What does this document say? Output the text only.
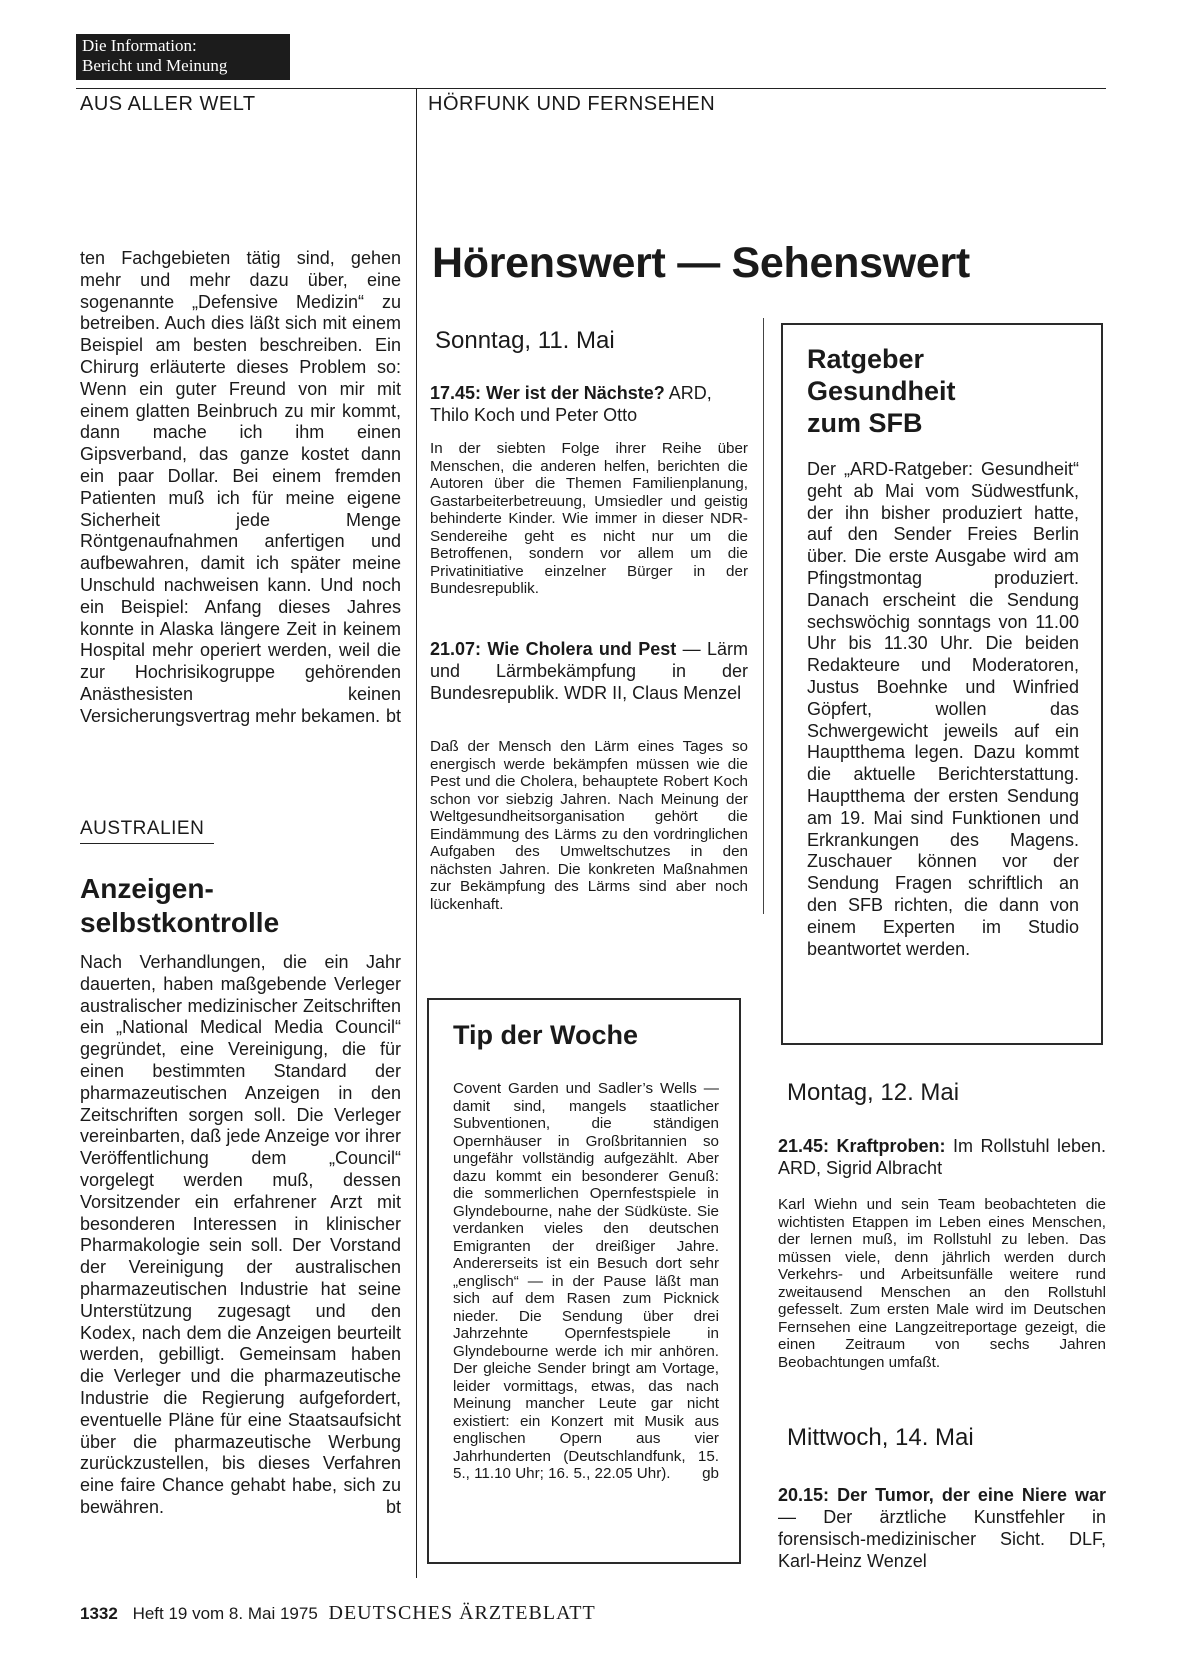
Die Information:
Bericht und Meinung
AUS ALLER WELT	HÖRFUNK UND FERNSEHEN
ten Fachgebieten tätig sind, gehen mehr und mehr dazu über, eine sogenannte „Defensive Medizin“ zu betreiben. Auch dies läßt sich mit einem Beispiel am besten beschreiben. Ein Chirurg erläuterte dieses Problem so: Wenn ein guter Freund von mir mit einem glatten Beinbruch zu mir kommt, dann mache ich ihm einen Gipsverband, das ganze kostet dann ein paar Dollar. Bei einem fremden Patienten muß ich für meine eigene Sicherheit jede Menge Röntgenaufnahmen anfertigen und aufbewahren, damit ich später meine Unschuld nachweisen kann. Und noch ein Beispiel: Anfang dieses Jahres konnte in Alaska längere Zeit in keinem Hospital mehr operiert werden, weil die zur Hochrisikogruppe gehörenden Anästhesisten keinen Versicherungsvertrag mehr bekamen. bt
AUSTRALIEN
Anzeigen-
selbstkontrolle
Nach Verhandlungen, die ein Jahr dauerten, haben maßgebende Verleger australischer medizinischer Zeitschriften ein „National Medical Media Council“ gegründet, eine Vereinigung, die für einen bestimmten Standard der pharmazeutischen Anzeigen in den Zeitschriften sorgen soll. Die Verleger vereinbarten, daß jede Anzeige vor ihrer Veröffentlichung dem „Council“ vorgelegt werden muß, dessen Vorsitzender ein erfahrener Arzt mit besonderen Interessen in klinischer Pharmakologie sein soll. Der Vorstand der Vereinigung der australischen pharmazeutischen Industrie hat seine Unterstützung zugesagt und den Kodex, nach dem die Anzeigen beurteilt werden, gebilligt. Gemeinsam haben die Verleger und die pharmazeutische Industrie die Regierung aufgefordert, eventuelle Pläne für eine Staatsaufsicht über die pharmazeutische Werbung zurückzustellen, bis dieses Verfahren eine faire Chance gehabt habe, sich zu bewähren.	bt
Hörenswert — Sehenswert
Sonntag, 11. Mai
17.45: Wer ist der Nächste? ARD, Thilo Koch und Peter Otto
In der siebten Folge ihrer Reihe über Menschen, die anderen helfen, berichten die Autoren über die Themen Familienplanung, Gastarbeiterbetreuung, Umsiedler und geistig behinderte Kinder. Wie immer in dieser NDR-Sendereihe geht es nicht nur um die Betroffenen, sondern vor allem um die Privatinitiative einzelner Bürger in der Bundesrepublik.
21.07: Wie Cholera und Pest — Lärm und Lärmbekämpfung in der Bundesrepublik. WDR II, Claus Menzel
Daß der Mensch den Lärm eines Tages so energisch werde bekämpfen müssen wie die Pest und die Cholera, behauptete Robert Koch schon vor siebzig Jahren. Nach Meinung der Weltgesundheitsorganisation gehört die Eindämmung des Lärms zu den vordringlichen Aufgaben des Umweltschutzes in den nächsten Jahren. Die konkreten Maßnahmen zur Bekämpfung des Lärms sind aber noch lückenhaft.
Tip der Woche
Covent Garden und Sadler’s Wells — damit sind, mangels staatlicher Subventionen, die ständigen Opernhäuser in Großbritannien so ungefähr vollständig aufgezählt. Aber dazu kommt ein besonderer Genuß: die sommerlichen Opernfestspiele in Glyndebourne, nahe der Südküste. Sie verdanken vieles den deutschen Emigranten der dreißiger Jahre. Andererseits ist ein Besuch dort sehr „englisch“ — in der Pause läßt man sich auf dem Rasen zum Picknick nieder. Die Sendung über drei Jahrzehnte Opernfestspiele in Glyndebourne werde ich mir anhören. Der gleiche Sender bringt am Vortage, leider vormittags, etwas, das nach Meinung mancher Leute gar nicht existiert: ein Konzert mit Musik aus englischen Opern aus vier Jahrhunderten (Deutschlandfunk, 15. 5., 11.10 Uhr; 16. 5., 22.05 Uhr). gb
Ratgeber
Gesundheit
zum SFB
Der „ARD-Ratgeber: Gesundheit“ geht ab Mai vom Südwestfunk, der ihn bisher produziert hatte, auf den Sender Freies Berlin über. Die erste Ausgabe wird am Pfingstmontag produziert. Danach erscheint die Sendung sechswöchig sonntags von 11.00 Uhr bis 11.30 Uhr. Die beiden Redakteure und Moderatoren, Justus Boehnke und Winfried Göpfert, wollen das Schwergewicht jeweils auf ein Hauptthema legen. Dazu kommt die aktuelle Berichterstattung. Hauptthema der ersten Sendung am 19. Mai sind Funktionen und Erkrankungen des Magens. Zuschauer können vor der Sendung Fragen schriftlich an den SFB richten, die dann von einem Experten im Studio beantwortet werden.
Montag, 12. Mai
21.45: Kraftproben: Im Rollstuhl leben. ARD, Sigrid Albracht
Karl Wiehn und sein Team beobachteten die wichtisten Etappen im Leben eines Menschen, der lernen muß, im Rollstuhl zu leben. Das müssen viele, denn jährlich werden durch Verkehrs- und Arbeitsunfälle weitere rund zweitausend Menschen an den Rollstuhl gefesselt. Zum ersten Male wird im Deutschen Fernsehen eine Langzeitreportage gezeigt, die einen Zeitraum von sechs Jahren Beobachtungen umfaßt.
Mittwoch, 14. Mai
20.15: Der Tumor, der eine Niere war — Der ärztliche Kunstfehler in forensisch-medizinischer Sicht. DLF, Karl-Heinz Wenzel
1332 Heft 19 vom 8. Mai 1975 DEUTSCHES ÄRZTEBLATT
